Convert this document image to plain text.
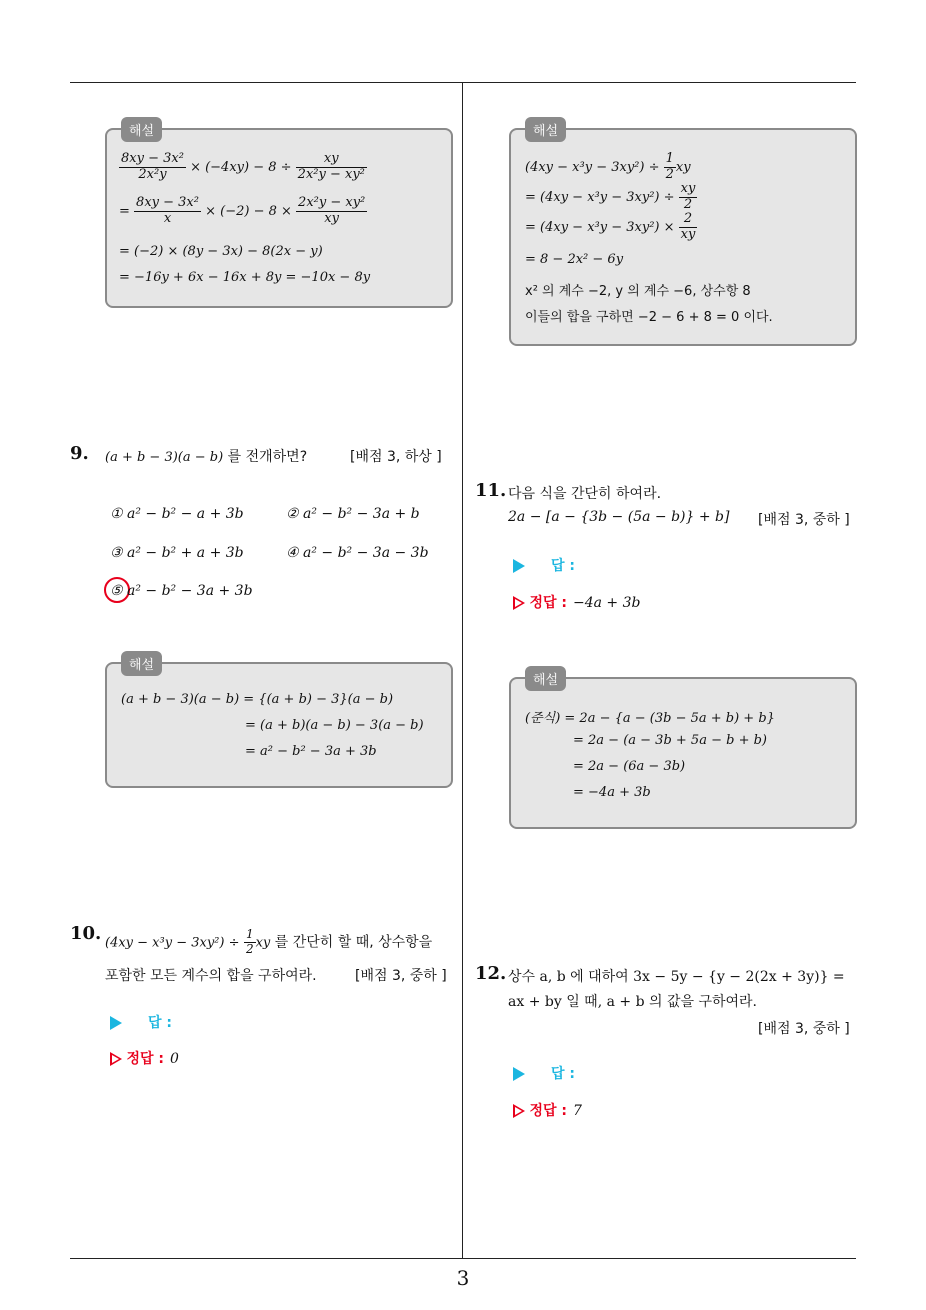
해설
$\frac{\text{8xy − 3x²}}{\text{2x²y}} \times (-4xy) - 8 \div \frac{xy}{\text{2x²y − xy²}}$
= $\frac{\text{8xy − 3x²}}{x} \times (-2) - 8 \times \frac{\text{2x²y − xy²}}{xy}$
= (−2) × (8y − 3x) − 8(2x − y)
= −16y + 6x − 16x + 8y = −10x − 8y
9. (a + b − 3)(a − b) 를 전개하면?	[배점 3, 하상 ]
① a² − b² − a + 3b	② a² − b² − 3a + b
③ a² − b² + a + 3b	④ a² − b² − 3a − 3b
⑤ a² − b² − 3a + 3b
해설
(a + b − 3)(a − b) = {(a + b) − 3}(a − b)
= (a + b)(a − b) − 3(a − b)
= a² − b² − 3a + 3b
10. $(4xy - x^3y - 3xy^2) \div \frac{1}{2}$ xy 를 간단히 할 때, 상수항을
포함한 모든 계수의 합을 구하여라.	[배점 3, 중하 ]
답 :
정답 : 0
해설
$(4xy - x^3y - 3xy^2) \div \frac{1}{2}$ xy
= $(4xy - x^3y - 3xy^2) \div \frac{xy}{2}$
= $(4xy - x^3y - 3xy^2) \times \frac{2}{xy}$
= 8 − 2x² − 6y
x² 의 계수 −2, y 의 계수 −6, 상수항 8
이들의 합을 구하면 −2 − 6 + 8 = 0 이다.
11. 다음 식을 간단히 하여라.
2a − [a − {3b − (5a − b)} + b] [배점 3, 중하 ]
답 :
정답 : −4a + 3b
해설
(준식) = 2a − {a − (3b − 5a + b) + b}
= 2a − (a − 3b + 5a − b + b)
= 2a − (6a − 3b)
= −4a + 3b
12. 상수 a, b 에 대하여 3x − 5y − {y − 2(2x + 3y)} =
ax + by 일 때, a + b 의 값을 구하여라.
[배점 3, 중하 ]
답 :
정답 : 7
3
